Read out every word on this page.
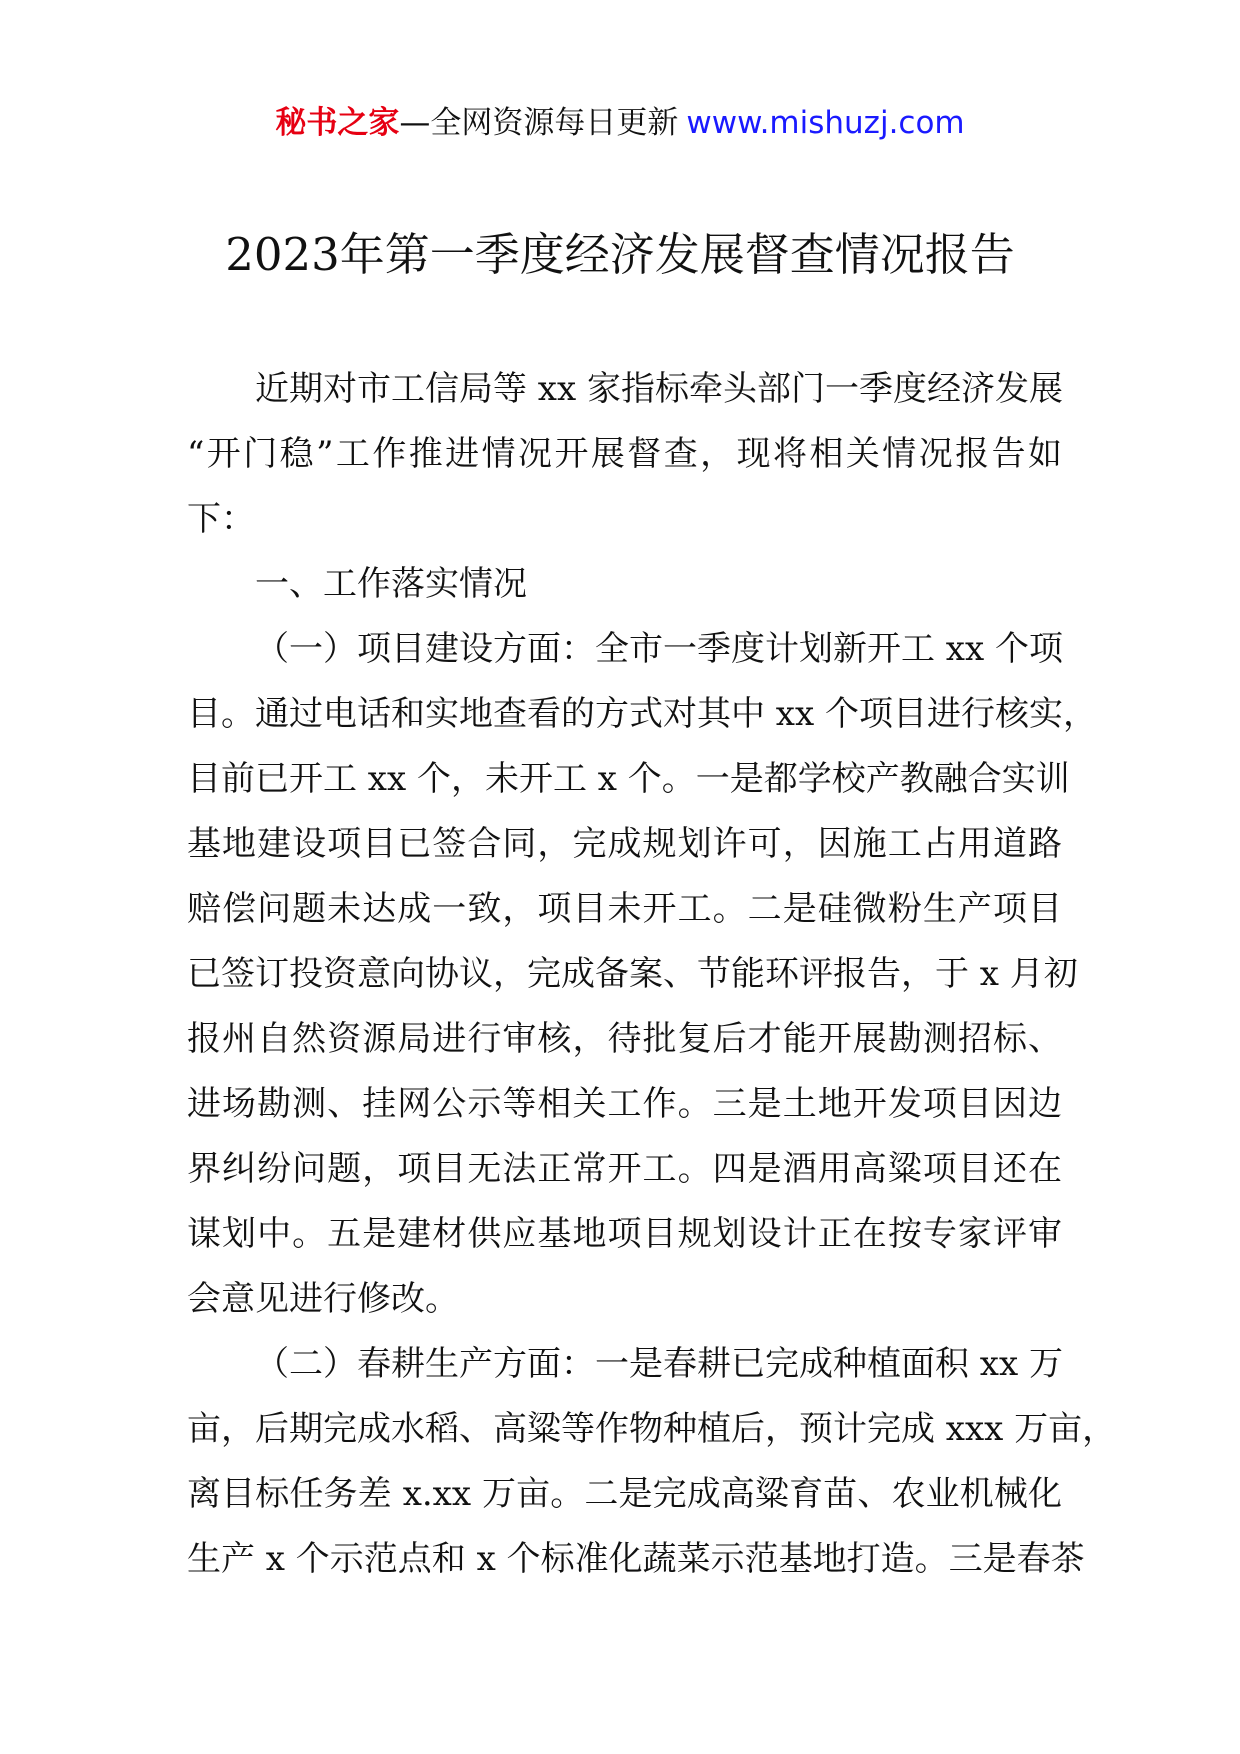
秘书之家—全网资源每日更新 www.mishuzj.com
2023年第一季度经济发展督查情况报告
近期对市工信局等 xx 家指标牵头部门一季度经济发展
“开门稳”工作推进情况开展督查，现将相关情况报告如
下：
一、工作落实情况
（一）项目建设方面：全市一季度计划新开工 xx 个项
目。通过电话和实地查看的方式对其中 xx 个项目进行核实，
目前已开工 xx 个，未开工 x 个。一是都学校产教融合实训
基地建设项目已签合同，完成规划许可，因施工占用道路
赔偿问题未达成一致，项目未开工。二是硅微粉生产项目
已签订投资意向协议，完成备案、节能环评报告，于 x 月初
报州自然资源局进行审核，待批复后才能开展勘测招标、
进场勘测、挂网公示等相关工作。三是土地开发项目因边
界纠纷问题，项目无法正常开工。四是酒用高粱项目还在
谋划中。五是建材供应基地项目规划设计正在按专家评审
会意见进行修改。
（二）春耕生产方面：一是春耕已完成种植面积 xx 万
亩，后期完成水稻、高粱等作物种植后，预计完成 xxx 万亩，
离目标任务差 x.xx 万亩。二是完成高粱育苗、农业机械化
生产 x 个示范点和 x 个标准化蔬菜示范基地打造。三是春茶
